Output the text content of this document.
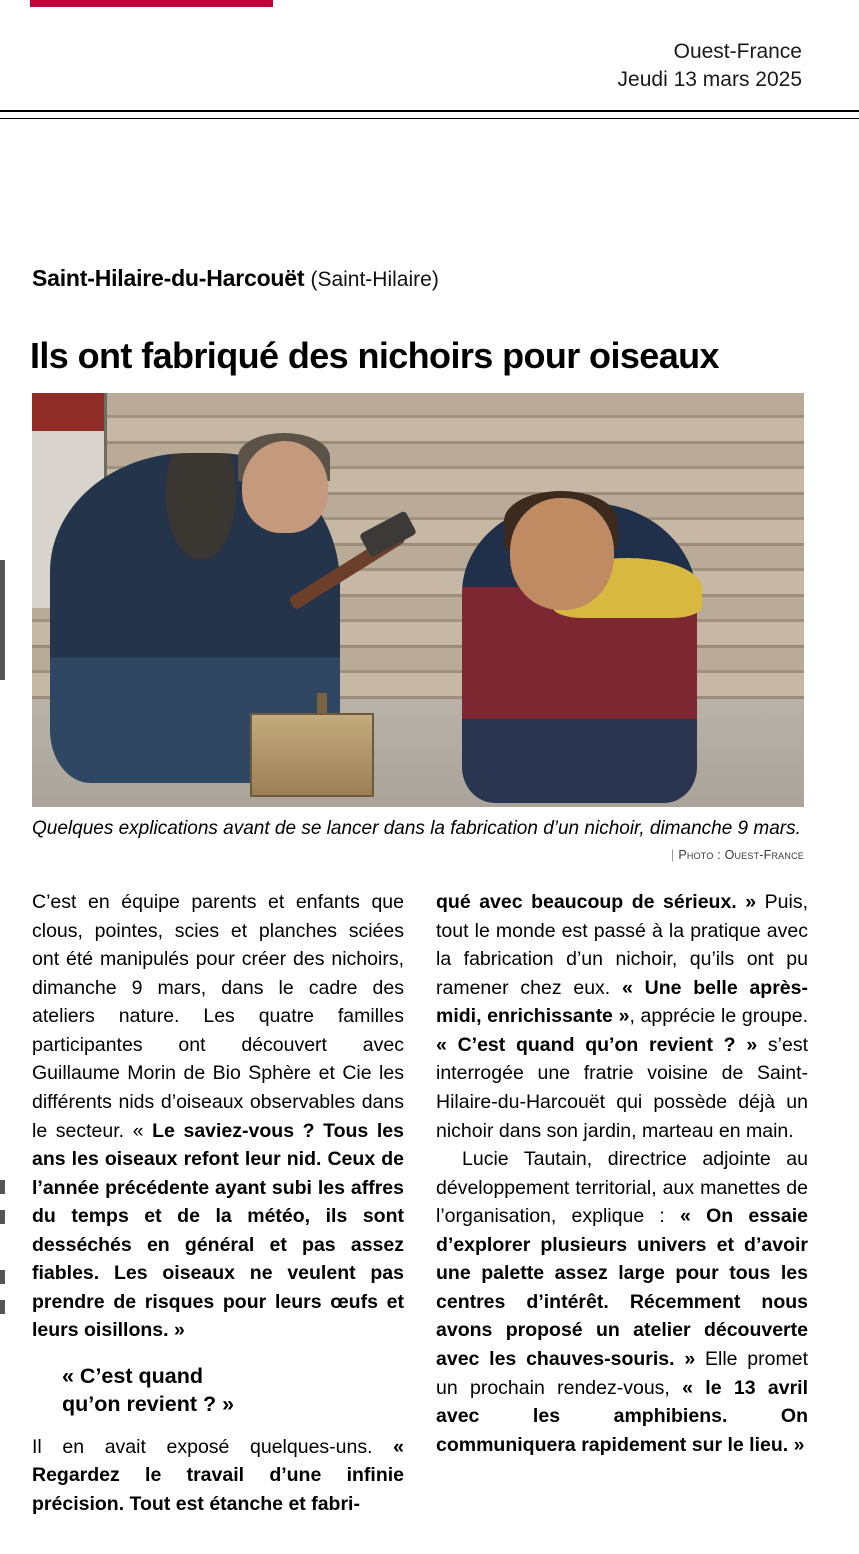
Ouest-France
Jeudi 13 mars 2025
Saint-Hilaire-du-Harcouët (Saint-Hilaire)
Ils ont fabriqué des nichoirs pour oiseaux
Quelques explications avant de se lancer dans la fabrication d’un nichoir, dimanche 9 mars.
| Photo : Ouest-France

C’est en équipe parents et enfants que clous, pointes, scies et planches sciées ont été manipulés pour créer des nichoirs, dimanche 9 mars, dans le cadre des ateliers nature. Les quatre familles participantes ont découvert avec Guillaume Morin de Bio Sphère et Cie les différents nids d’oiseaux observables dans le secteur. « Le saviez-vous ? Tous les ans les oiseaux refont leur nid. Ceux de l’année précédente ayant subi les affres du temps et de la météo, ils sont desséchés en général et pas assez fiables. Les oiseaux ne veulent pas prendre de risques pour leurs œufs et leurs oisillons. »

« C’est quand
qu’on revient ? »

Il en avait exposé quelques-uns. « Regardez le travail d’une infinie précision. Tout est étanche et fabri-

qué avec beaucoup de sérieux. » Puis, tout le monde est passé à la pratique avec la fabrication d’un nichoir, qu’ils ont pu ramener chez eux. « Une belle après-midi, enrichissante », apprécie le groupe. « C’est quand qu’on revient ? » s’est interrogée une fratrie voisine de Saint-Hilaire-du-Harcouët qui possède déjà un nichoir dans son jardin, marteau en main.

Lucie Tautain, directrice adjointe au développement territorial, aux manettes de l’organisation, explique : « On essaie d’explorer plusieurs univers et d’avoir une palette assez large pour tous les centres d’intérêt. Récemment nous avons proposé un atelier découverte avec les chauves-souris. » Elle promet un prochain rendez-vous, « le 13 avril avec les amphibiens. On communiquera rapidement sur le lieu. »
